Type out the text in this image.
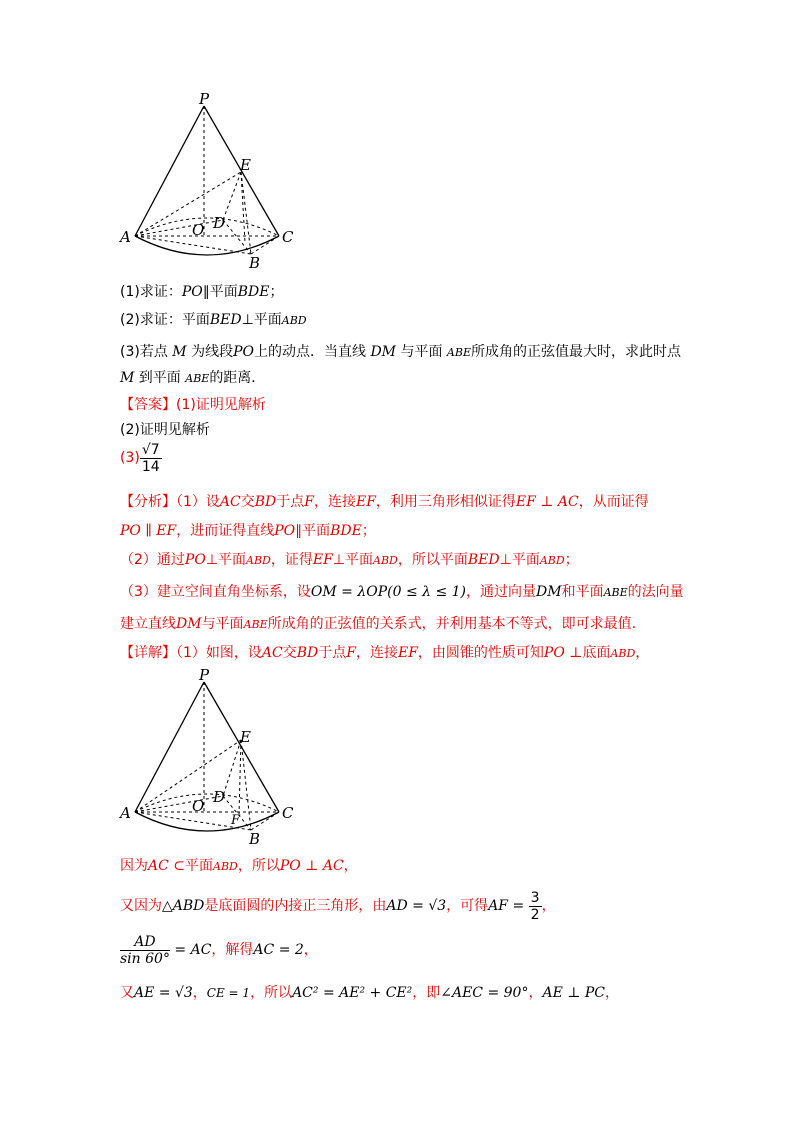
P
E
D
O
A	C
B
(1)求证：PO∥平面BDE；
(2)求证：平面BED⊥平面ABD
(3)若点 M 为线段PO上的动点．当直线 DM 与平面 ABE所成角的正弦值最大时，求此时点
M 到平面 ABE的距离．
【答案】(1)证明见解析
(2)证明见解析
$(3) \frac{√7}{14}$
【分析】（1）设AC交BD于点F，连接EF，利用三角形相似证得EF ⊥ AC，从而证得
PO ∥ EF，进而证得直线PO∥平面BDE；
（2）通过PO⊥平面ABD，证得EF⊥平面ABD，所以平面BED⊥平面ABD；
（3）建立空间直角坐标系，设OM = λOP(0 ≤ λ ≤ 1)，通过向量DM和平面ABE的法向量
建立直线DM与平面ABE所成角的正弦值的关系式，并利用基本不等式，即可求最值.
【详解】（1）如图，设AC交BD于点F，连接EF，由圆锥的性质可知PO ⊥底面ABD，
P
E
D
O
A	C
F
B
因为AC ⊂平面ABD，所以PO ⊥ AC，
又因为△ABD是底面圆的内接正三角形，由AD = √3，可得AF = $\frac{3}{2}$ ，
$\frac{AD}{\sin 60^\circ}$ = AC，解得AC = 2，
又AE = √3，CE = 1，所以AC² = AE² + CE²，即∠AEC = 90°，AE ⊥ PC，
